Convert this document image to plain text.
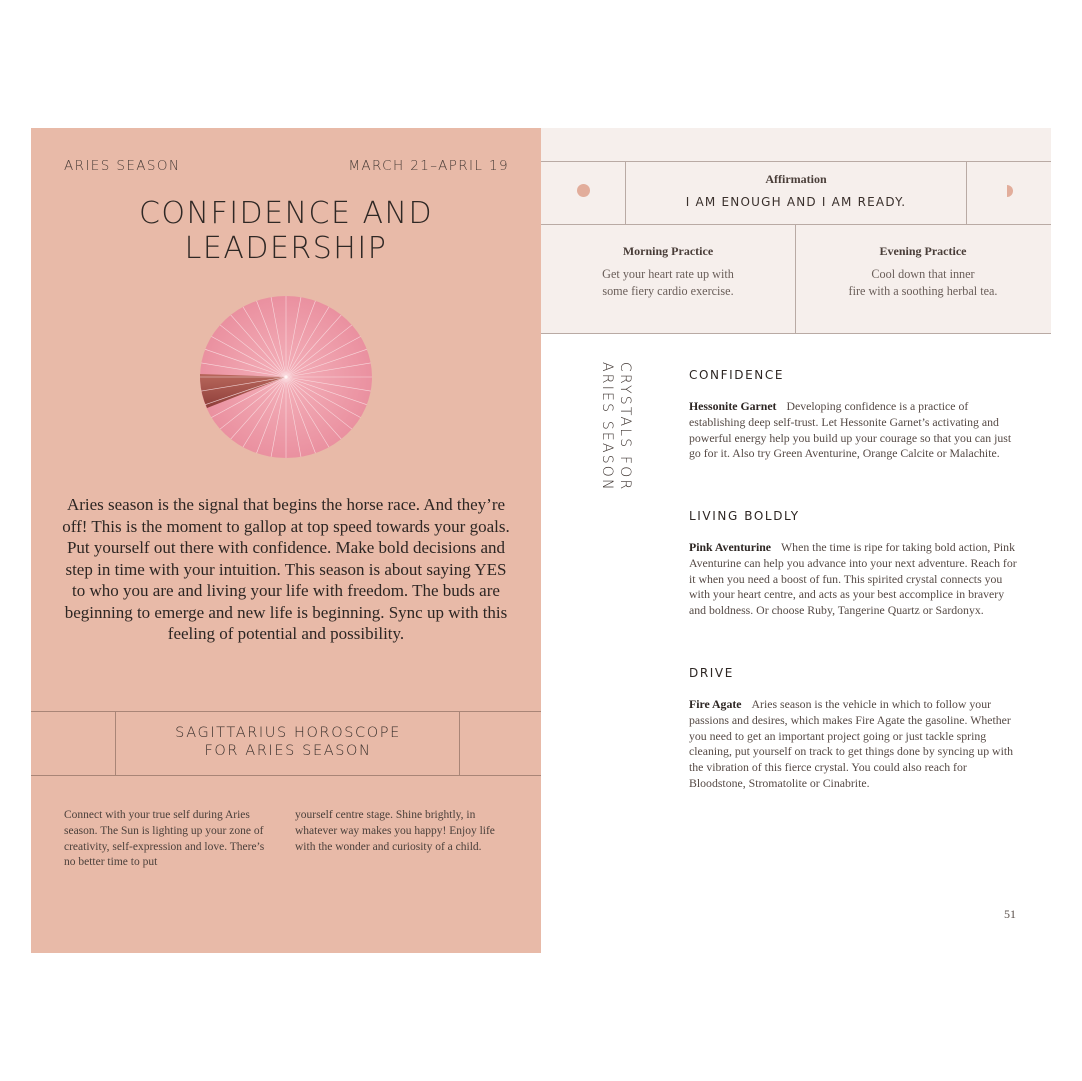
ARIES SEASON	MARCH 21–APRIL 19
CONFIDENCE AND
LEADERSHIP

Aries season is the signal that begins the horse race. And they’re off! This is the moment to gallop at top speed towards your goals. Put yourself out there with confidence. Make bold decisions and step in time with your intuition. This season is about saying YES to who you are and living your life with freedom. The buds are beginning to emerge and new life is beginning. Sync up with this feeling of potential and possibility.

SAGITTARIUS HOROSCOPE
FOR ARIES SEASON
Connect with your true self during Aries season. The Sun is lighting up your zone of creativity, self-expression and love. There’s no better time to put
yourself centre stage. Shine brightly, in whatever way makes you happy! Enjoy life with the wonder and curiosity of a child.
Affirmation
I AM ENOUGH AND I AM READY.
Morning Practice
Get your heart rate up with
some fiery cardio exercise.
Evening Practice
Cool down that inner
fire with a soothing herbal tea.
CRYSTALS FOR
ARIES SEASON	CONFIDENCE
Hessonite Garnet Developing confidence is a practice of establishing deep self-trust. Let Hessonite Garnet’s activating and powerful energy help you build up your courage so that you can just go for it. Also try Green Aventurine, Orange Calcite or Malachite.
LIVING BOLDLY
Pink Aventurine When the time is ripe for taking bold action, Pink Aventurine can help you advance into your next adventure. Reach for it when you need a boost of fun. This spirited crystal connects you with your heart centre, and acts as your best accomplice in bravery and boldness. Or choose Ruby, Tangerine Quartz or Sardonyx.
DRIVE
Fire Agate Aries season is the vehicle in which to follow your passions and desires, which makes Fire Agate the gasoline. Whether you need to get an important project going or just tackle spring cleaning, put yourself on track to get things done by syncing up with the vibration of this fierce crystal. You could also reach for Bloodstone, Stromatolite or Cinabrite.
51
